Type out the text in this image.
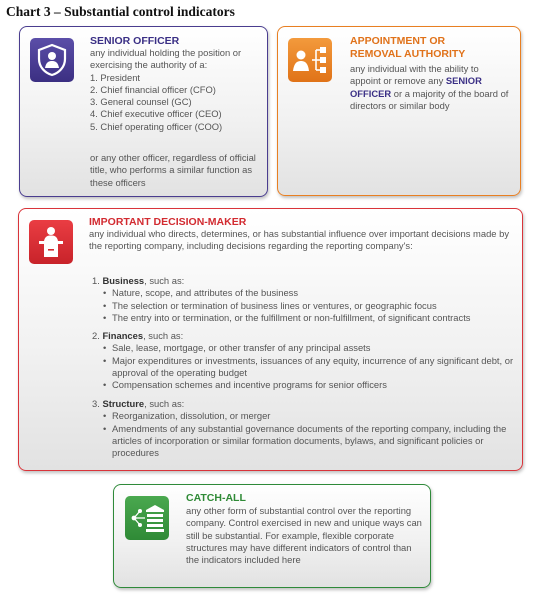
Chart 3 – Substantial control indicators
SENIOR OFFICER
any individual holding the position or exercising the authority of a:
1. President
2. Chief financial officer (CFO)
3. General counsel (GC)
4. Chief executive officer (CEO)
5. Chief operating officer (COO)
or any other officer, regardless of official title, who performs a similar function as these officers
APPOINTMENT OR
REMOVAL AUTHORITY
any individual with the ability to appoint or remove any SENIOR OFFICER or a majority of the board of directors or similar body
IMPORTANT DECISION-MAKER
any individual who directs, determines, or has substantial influence over important decisions made by the reporting company, including decisions regarding the reporting company's:
1. Business, such as:
• Nature, scope, and attributes of the business
• The selection or termination of business lines or ventures, or geographic focus
• The entry into or termination, or the fulfillment or non-fulfillment, of significant contracts
2. Finances, such as:
• Sale, lease, mortgage, or other transfer of any principal assets
• Major expenditures or investments, issuances of any equity, incurrence of any significant debt, or approval of the operating budget
• Compensation schemes and incentive programs for senior officers
3. Structure, such as:
• Reorganization, dissolution, or merger
• Amendments of any substantial governance documents of the reporting company, including the articles of incorporation or similar formation documents, bylaws, and significant policies or procedures
CATCH-ALL
any other form of substantial control over the reporting company. Control exercised in new and unique ways can still be substantial. For example, flexible corporate structures may have different indicators of control than the indicators included here
